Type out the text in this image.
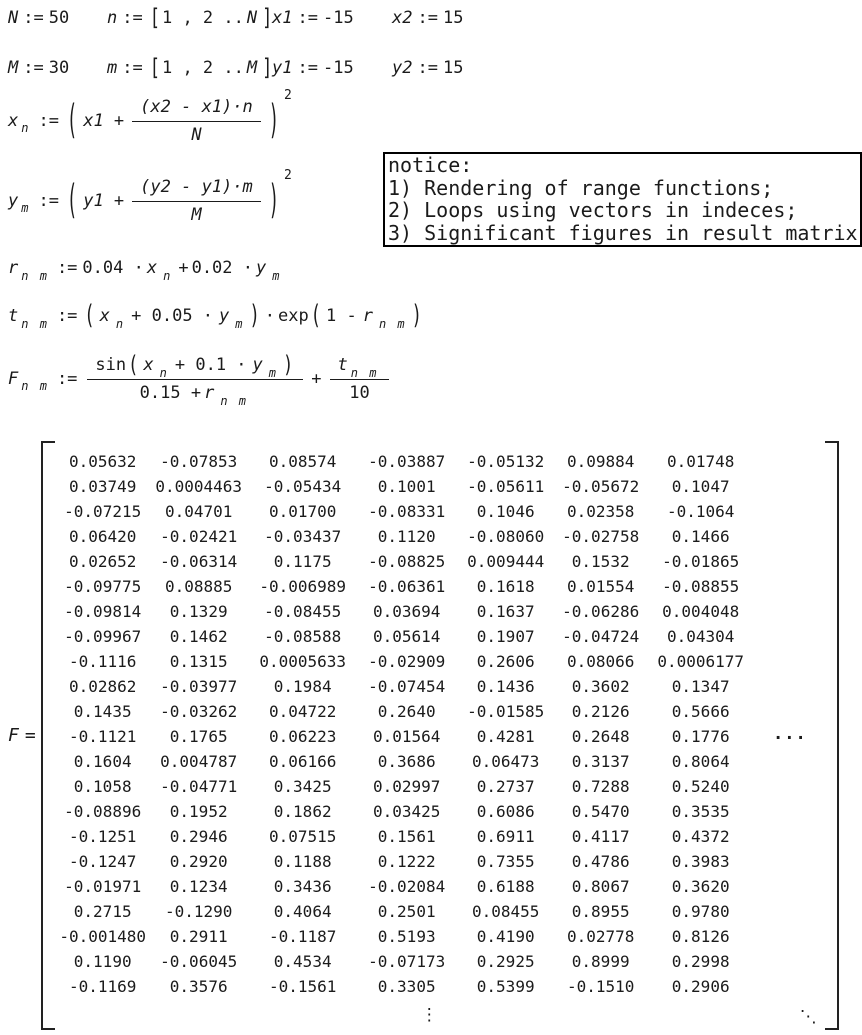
N := 50 n := [ 1 , 2 .. N ] x1 := -15 x2 := 15
M := 30 m := [ 1 , 2 .. M ] y1 := -15 y2 := 15
x n := ( $x1 + \frac{(x2 - x1)\cdot n}{N}$ )
$^2$
y m := ( $y1 + \frac{(y2 - y1)\cdot m}{M}$ )
$^2$	notice:
1) Rendering of range functions;
2) Loops using vectors in indeces;
3) Significant figures in result matrix
r $_{n m}$ := 0.04 · x $_n$ + 0.02 · y $_m$
t $_{n m}$ := ( x $_n$ + 0.05 · y $_m$ ) · exp ( 1 - r $_{n m}$ )
F n m := $\frac{\sin ( x _n + 0.1 \cdot y _m )}{0.15 + r _{n m}} + \frac{t _{n m}}{10}$
F =	...
0.05632	-0.07853	0.08574	-0.03887	-0.05132	0.09884	0.01748
0.03749	0.0004463	-0.05434	0.1001	-0.05611	-0.05672	0.1047
-0.07215	0.04701	0.01700	-0.08331	0.1046	0.02358	-0.1064
0.06420	-0.02421	-0.03437	0.1120	-0.08060	-0.02758	0.1466
0.02652	-0.06314	0.1175	-0.08825	0.009444	0.1532	-0.01865
-0.09775	0.08885	-0.006989	-0.06361	0.1618	0.01554	-0.08855
-0.09814	0.1329	-0.08455	0.03694	0.1637	-0.06286	0.004048
-0.09967	0.1462	-0.08588	0.05614	0.1907	-0.04724	0.04304
-0.1116	0.1315	0.0005633	-0.02909	0.2606	0.08066	0.0006177
0.02862	-0.03977	0.1984	-0.07454	0.1436	0.3602	0.1347
0.1435	-0.03262	0.04722	0.2640	-0.01585	0.2126	0.5666
-0.1121	0.1765	0.06223	0.01564	0.4281	0.2648	0.1776
0.1604	0.004787	0.06166	0.3686	0.06473	0.3137	0.8064
0.1058	-0.04771	0.3425	0.02997	0.2737	0.7288	0.5240
-0.08896	0.1952	0.1862	0.03425	0.6086	0.5470	0.3535
-0.1251	0.2946	0.07515	0.1561	0.6911	0.4117	0.4372
-0.1247	0.2920	0.1188	0.1222	0.7355	0.4786	0.3983
-0.01971	0.1234	0.3436	-0.02084	0.6188	0.8067	0.3620
0.2715	-0.1290	0.4064	0.2501	0.08455	0.8955	0.9780
-0.001480	0.2911	-0.1187	0.5193	0.4190	0.02778	0.8126
0.1190	-0.06045	0.4534	-0.07173	0.2925	0.8999	0.2998
-0.1169	0.3576	-0.1561	0.3305	0.5399	-0.1510	0.2906
⋮	⋱
